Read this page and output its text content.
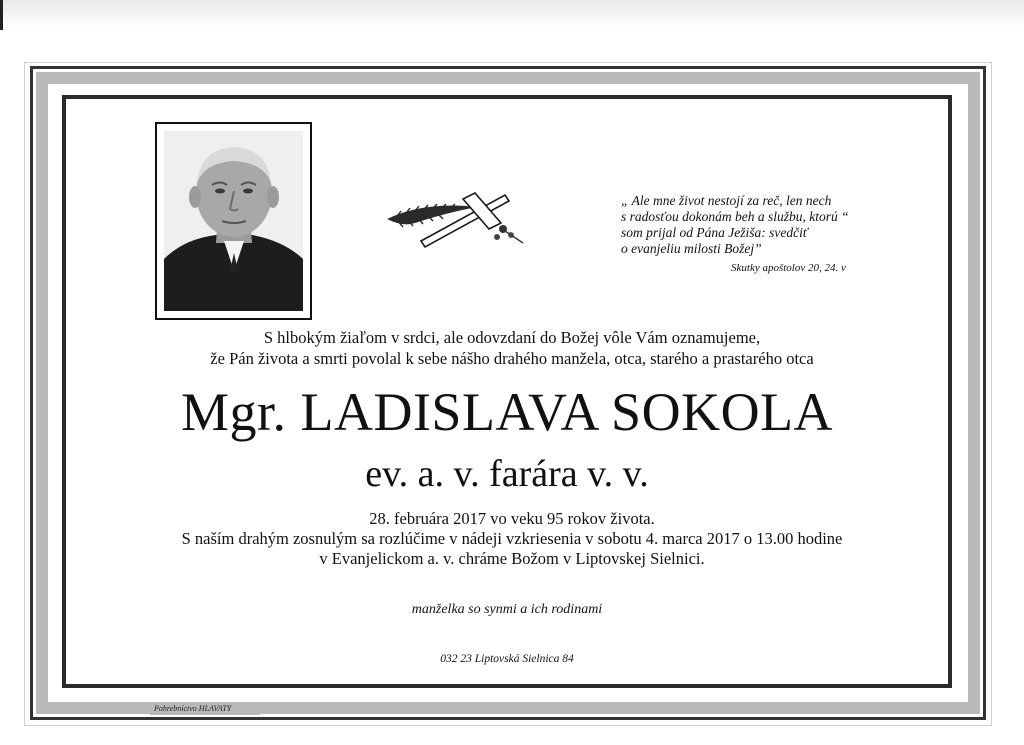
„ Ale mne život nestojí za reč, len nech
s radosťou dokonám beh a službu, ktorú “
som prijal od Pána Ježiša: svedčiť
o evanjeliu milosti Božej”
Skutky apoštolov 20, 24. v
S hlbokým žiaľom v srdci, ale odovzdaní do Božej vôle Vám oznamujeme,
že Pán života a smrti povolal k sebe nášho drahého manžela, otca, starého a prastarého otca
Mgr. LADISLAVA SOKOLA
ev. a. v. farára v. v.
28. februára 2017 vo veku 95 rokov života.
S naším drahým zosnulým sa rozlúčime v nádeji vzkriesenia v sobotu 4. marca 2017 o 13.00 hodine
v Evanjelickom a. v. chráme Božom v Liptovskej Sielnici.
manželka so synmi a ich rodinami
032 23 Liptovská Sielnica 84
Pohrebníctvo HLAVATY
